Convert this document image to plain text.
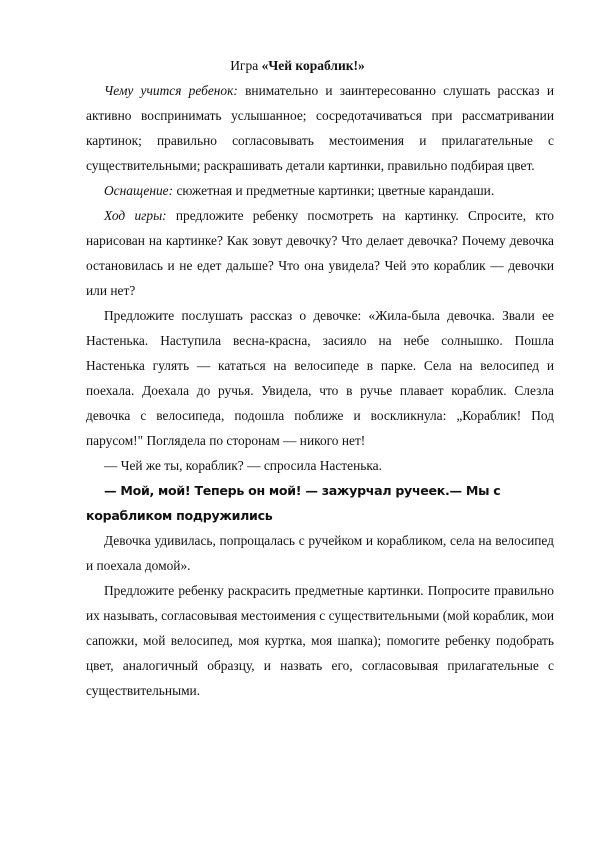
Игра «Чей кораблик!»

Чему учится ребенок: внимательно и заинтересованно слушать рассказ и активно воспринимать услышанное; сосредотачиваться при рассматривании картинок; правильно согласовывать местоимения и прилагательные с существительными; раскрашивать детали картинки, правильно подбирая цвет.

Оснащение: сюжетная и предметные картинки; цветные карандаши.

Ход игры: предложите ребенку посмотреть на картинку. Спросите, кто нарисован на картинке? Как зовут девочку? Что делает девочка? Почему девочка остановилась и не едет дальше? Что она увидела? Чей это кораблик — девочки или нет?

Предложите послушать рассказ о девочке: «Жила-была девочка. Звали ее Настенька. Наступила весна-красна, засияло на небе солнышко. Пошла Настенька гулять — кататься на велосипеде в парке. Села на велосипед и поехала. Доехала до ручья. Увидела, что в ручье плавает кораблик. Слезла девочка с велосипеда, подошла поближе и воскликнула: „Кораблик! Под парусом!" Поглядела по сторонам — никого нет!

— Чей же ты, кораблик? — спросила Настенька.

— Мой, мой! Теперь он мой! — зажурчал ручеек.— Мы с корабликом подружились

Девочка удивилась, попрощалась с ручейком и корабликом, села на велосипед и поехала домой».

Предложите ребенку раскрасить предметные картинки. Попросите правильно их называть, согласовывая местоимения с существительными (мой кораблик, мои сапожки, мой велосипед, моя куртка, моя шапка); помогите ребенку подобрать цвет, аналогичный образцу, и назвать его, согласовывая прилагательные с существительными.
